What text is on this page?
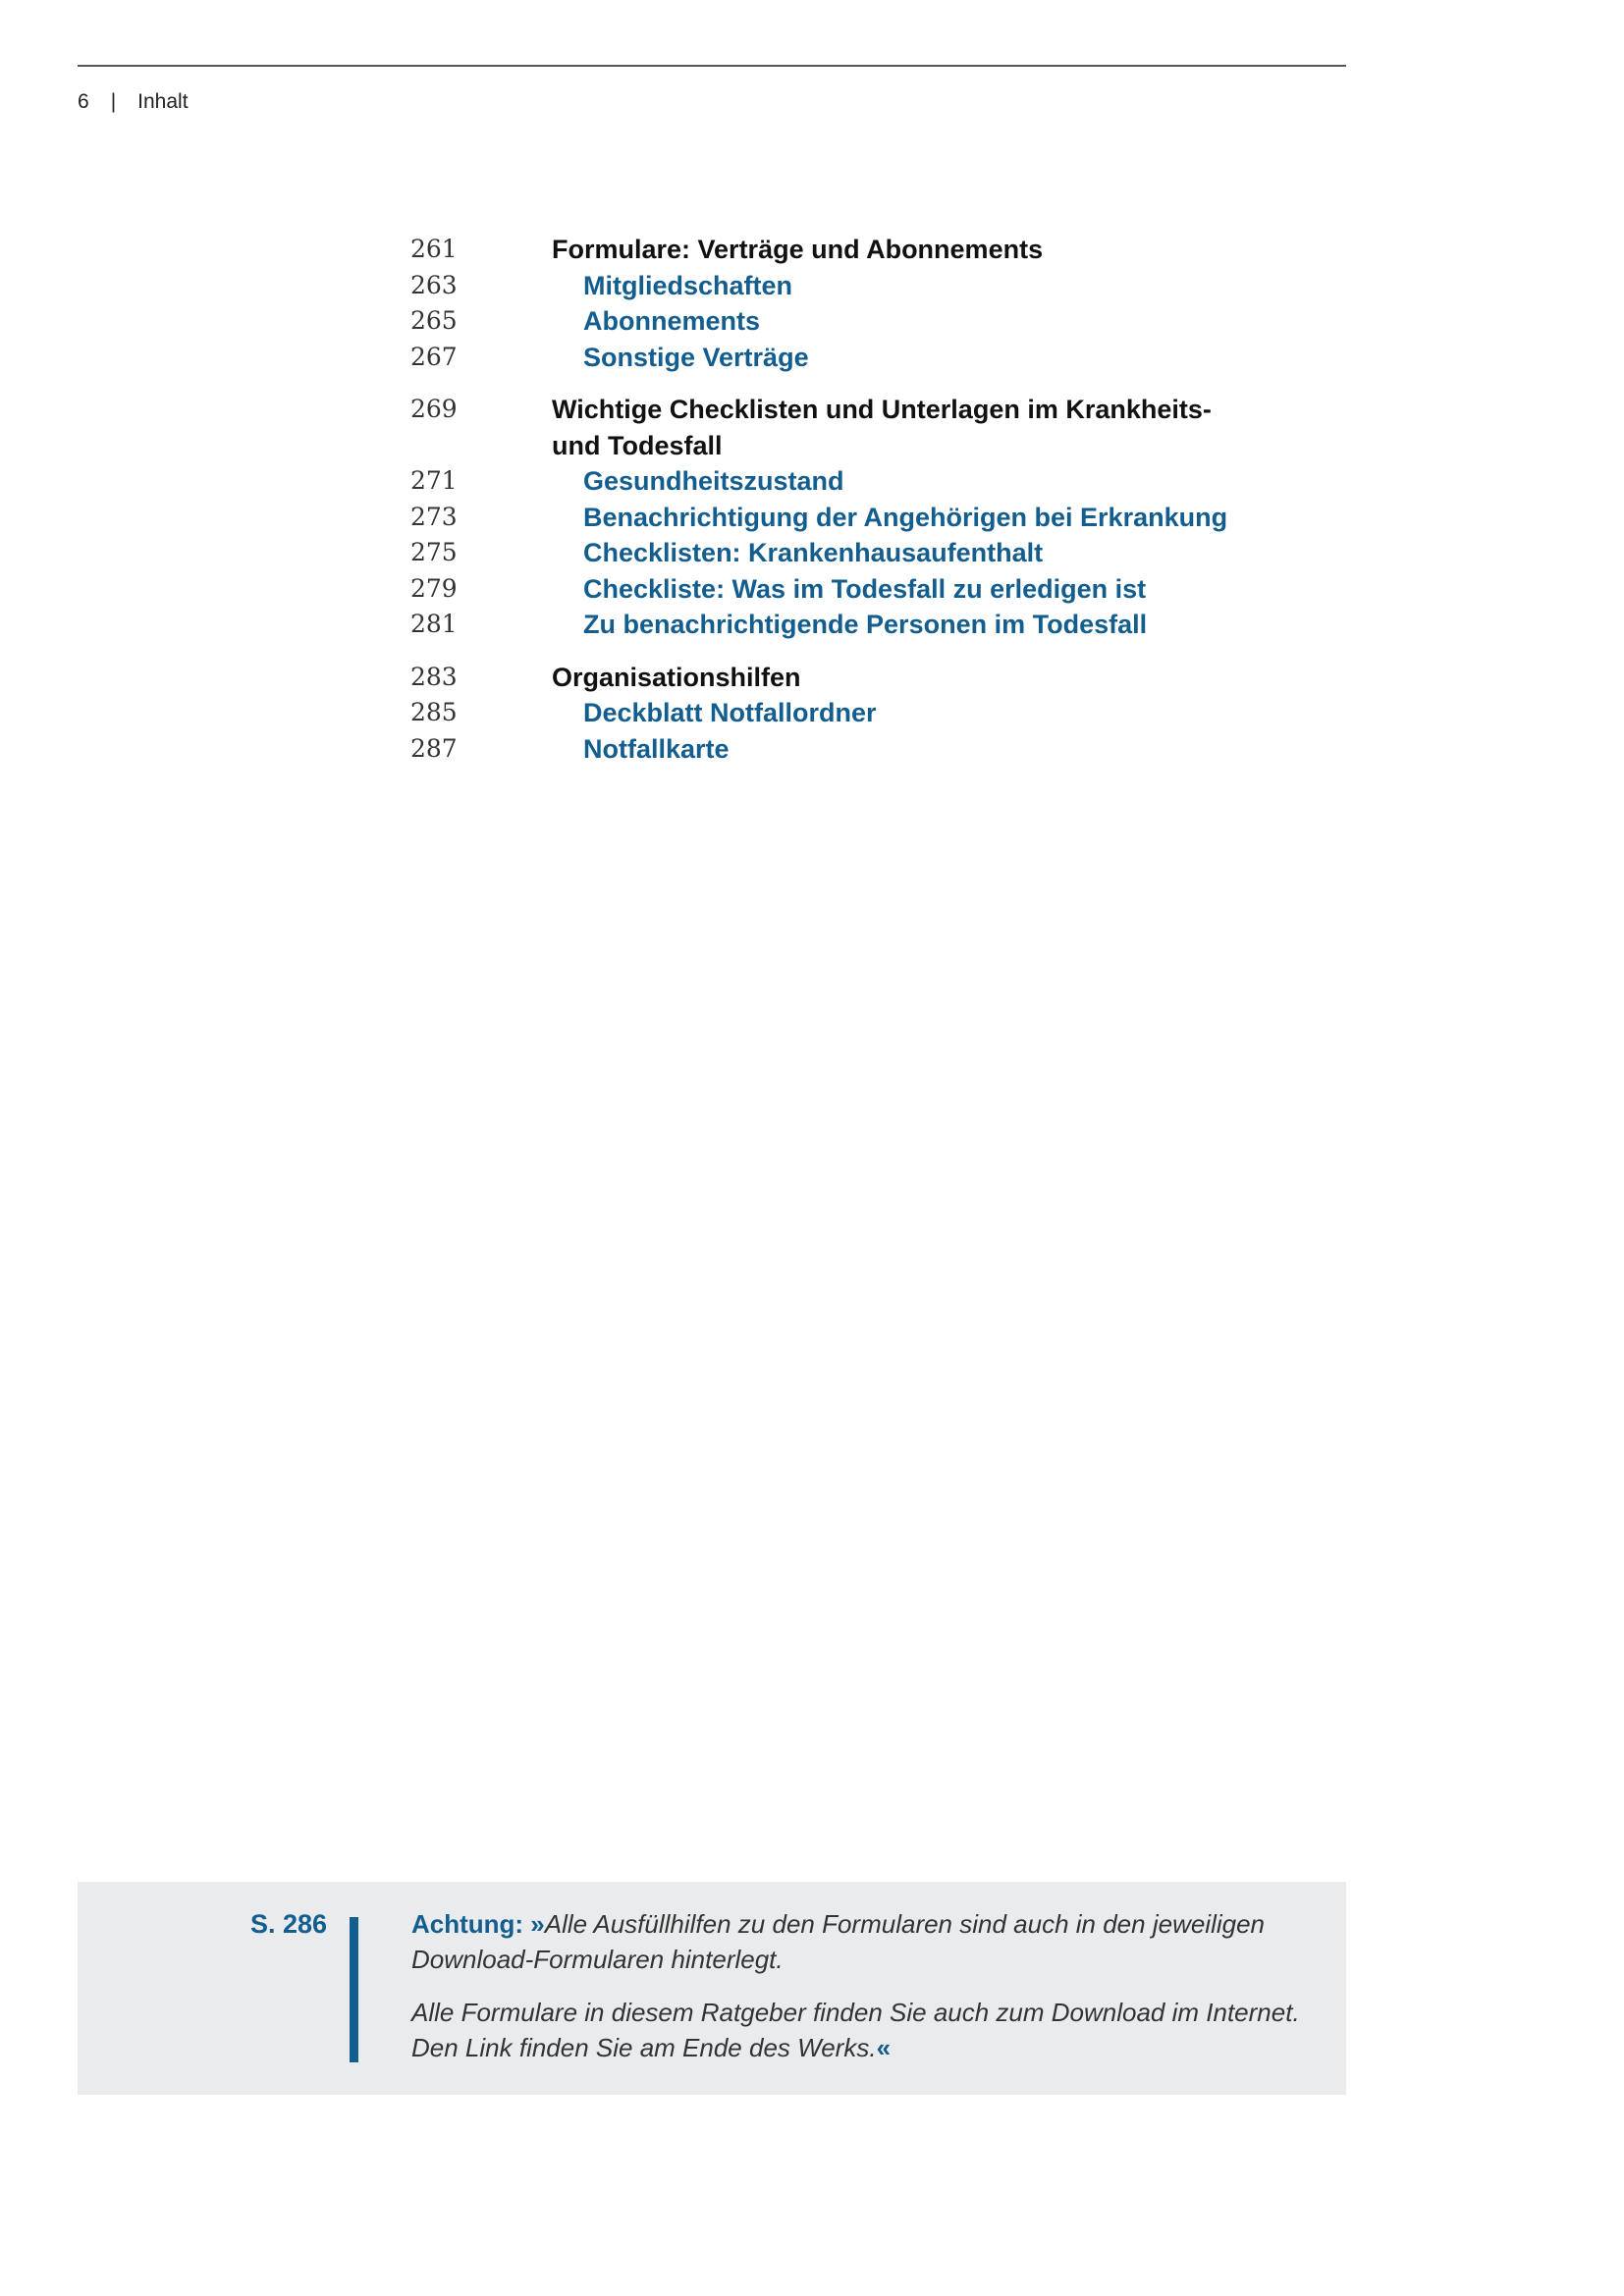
6 | Inhalt
261	Formulare: Verträge und Abonnements
263	Mitgliedschaften
265	Abonnements
267	Sonstige Verträge
269	Wichtige Checklisten und Unterlagen im Krankheits-
und Todesfall
271	Gesundheitszustand
273	Benachrichtigung der Angehörigen bei Erkrankung
275	Checklisten: Krankenhausaufenthalt
279	Checkliste: Was im Todesfall zu erledigen ist
281	Zu benachrichtigende Personen im Todesfall
283	Organisationshilfen
285	Deckblatt Notfallordner
287	Notfallkarte
S. 286	Achtung: »Alle Ausfüllhilfen zu den Formularen sind auch in den jeweiligen Download-Formularen hinterlegt.

Alle Formulare in diesem Ratgeber finden Sie auch zum Download im Internet. Den Link finden Sie am Ende des Werks.«
